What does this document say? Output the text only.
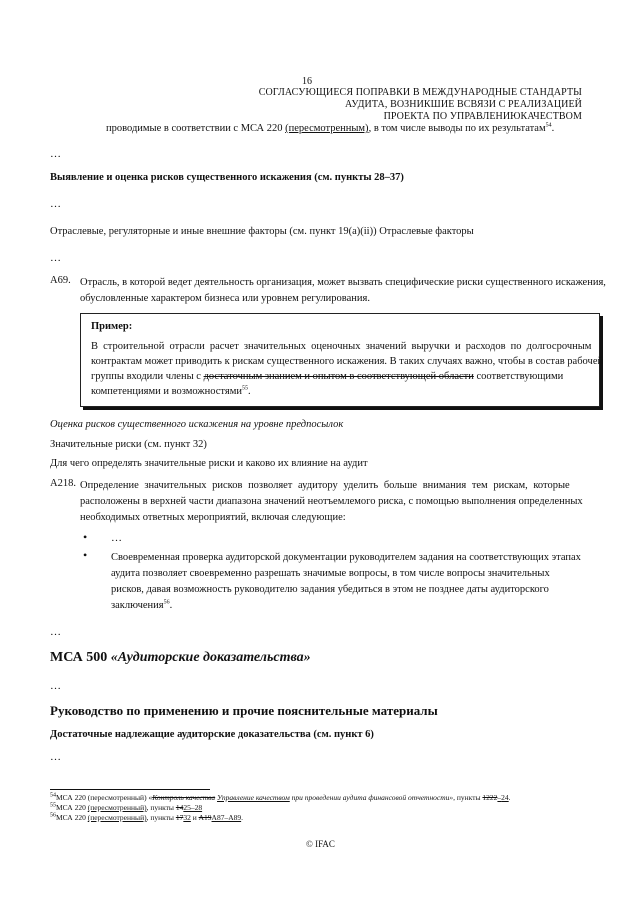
16
СОГЛАСУЮЩИЕСЯ ПОПРАВКИ В МЕЖДУНАРОДНЫЕ СТАНДАРТЫ
АУДИТА, ВОЗНИКШИЕ ВСВЯЗИ С РЕАЛИЗАЦИЕЙ
ПРОЕКТА ПО УПРАВЛЕНИЮКАЧЕСТВОМ
проводимые в соответствии с МСА 220 (пересмотренным), в том числе выводы по их результатам$^{54}$.
…
Выявление и оценка рисков существенного искажения (см. пункты 28–37)
…
Отраслевые, регуляторные и иные внешние факторы (см. пункт 19(a)(ii)) Отраслевые факторы
…
A69. Отрасль, в которой ведет деятельность организация, может вызвать специфические риски существенного искажения,
обусловленные характером бизнеса или уровнем регулирования.
Пример:
В строительной отрасли расчет значительных оценочных значений выручки и расходов по долгосрочным
контрактам может приводить к рискам существенного искажения. В таких случаях важно, чтобы в состав рабочей
группы входили члены с достаточным знанием и опытом в соответствующей области соответствующими
компетенциями и возможностями$^{55}$.
Оценка рисков существенного искажения на уровне предпосылок
Значительные риски (см. пункт 32)
Для чего определять значительные риски и каково их влияние на аудит
A218. Определение значительных рисков позволяет аудитору уделить больше внимания тем рискам, которые
расположены в верхней части диапазона значений неотъемлемого риска, с помощью выполнения определенных
необходимых ответных мероприятий, включая следующие:
• …
• Своевременная проверка аудиторской документации руководителем задания на соответствующих этапах
аудита позволяет своевременно разрешать значимые вопросы, в том числе вопросы значительных
рисков, давая возможность руководителю задания убедиться в этом не позднее даты аудиторского
заключения$^{56}$.
…
МСА 500 «Аудиторские доказательства»
…
Руководство по применению и прочие пояснительные материалы
Достаточные надлежащие аудиторские доказательства (см. пункт 6)
…
$^{54}$МСА 220 (пересмотренный) «Контроль качества Управление качеством при проведении аудита финансовой отчетности», пункты 1222–24.
$^{55}$МСА 220 (пересмотренный), пункты 1425–28
$^{56}$МСА 220 (пересмотренный), пункты 1732 и A19A87–A89.
© IFAC
